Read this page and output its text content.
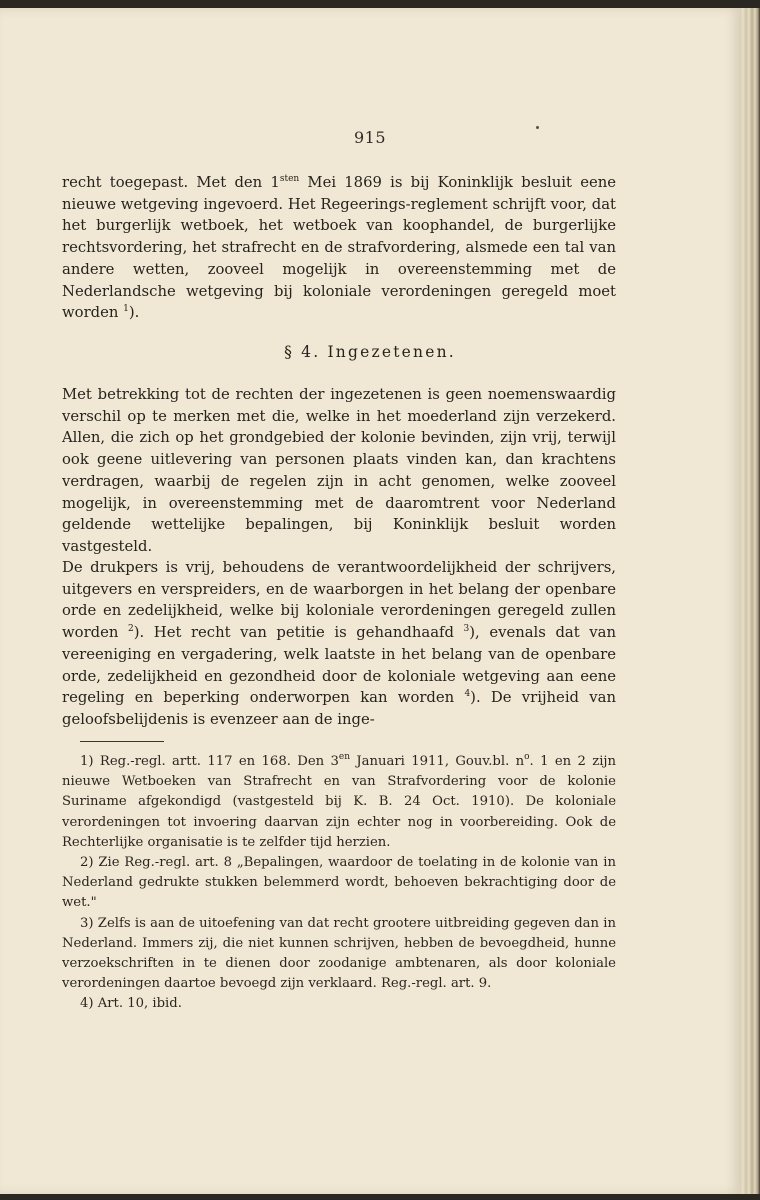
915

recht toegepast. Met den $1^{sten}$ Mei 1869 is bij Koninklijk besluit eene nieuwe wetgeving ingevoerd. Het Regeerings-reglement schrijft voor, dat het burgerlijk wetboek, het wetboek van koophandel, de burgerlijke rechtsvordering, het strafrecht en de strafvordering, alsmede een tal van andere wetten, zooveel mogelijk in overeenstemming met de Nederlandsche wetgeving bij koloniale verordeningen geregeld moet worden $^1$).

§ 4. Ingezetenen.

Met betrekking tot de rechten der ingezetenen is geen noemenswaardig verschil op te merken met die, welke in het moederland zijn verzekerd. Allen, die zich op het grondgebied der kolonie bevinden, zijn vrij, terwijl ook geene uitlevering van personen plaats vinden kan, dan krachtens verdragen, waarbij de regelen zijn in acht genomen, welke zooveel mogelijk, in overeenstemming met de daaromtrent voor Nederland geldende wettelijke bepalingen, bij Koninklijk besluit worden vastgesteld.

De drukpers is vrij, behoudens de verantwoordelijkheid der schrijvers, uitgevers en verspreiders, en de waarborgen in het belang der openbare orde en zedelijkheid, welke bij koloniale verordeningen geregeld zullen worden $^2$). Het recht van petitie is gehandhaafd $^3$), evenals dat van vereeniging en vergadering, welk laatste in het belang van de openbare orde, zedelijkheid en gezondheid door de koloniale wetgeving aan eene regeling en beperking onderworpen kan worden $^4$). De vrijheid van geloofsbelijdenis is evenzeer aan de inge-

1) Reg.-regl. artt. 117 en 168. Den $3^{en}$ Januari 1911, Gouv.bl. $n^o$. 1 en 2 zijn nieuwe Wetboeken van Strafrecht en van Strafvordering voor de kolonie Suriname afgekondigd (vastgesteld bij K. B. 24 Oct. 1910). De koloniale verordeningen tot invoering daarvan zijn echter nog in voorbereiding. Ook de Rechterlijke organisatie is te zelfder tijd herzien.

2) Zie Reg.-regl. art. 8 „Bepalingen, waardoor de toelating in de kolonie van in Nederland gedrukte stukken belemmerd wordt, behoeven bekrachtiging door de wet."

3) Zelfs is aan de uitoefening van dat recht grootere uitbreiding gegeven dan in Nederland. Immers zij, die niet kunnen schrijven, hebben de bevoegdheid, hunne verzoekschriften in te dienen door zoodanige ambtenaren, als door koloniale verordeningen daartoe bevoegd zijn verklaard. Reg.-regl. art. 9.

4) Art. 10, ibid.
